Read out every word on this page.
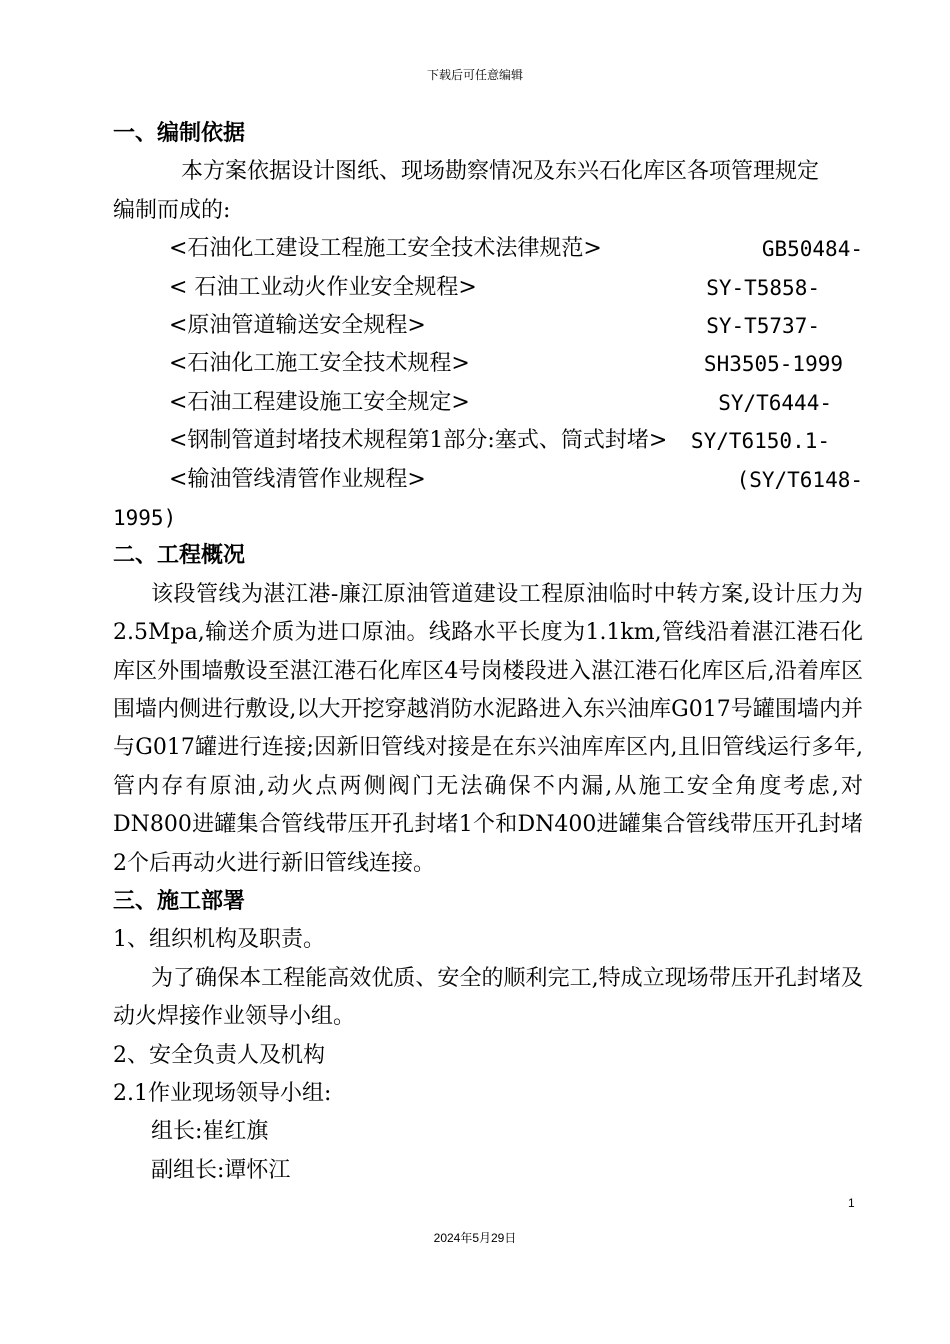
下载后可任意编辑
一、编制依据
本方案依据设计图纸、现场勘察情况及东兴石化库区各项管理规定
编制而成的:
<石油化工建设工程施工安全技术法律规范>	GB50484-
< 石油工业动火作业安全规程>	SY-T5858-
<原油管道输送安全规程>	SY-T5737-
<石油化工施工安全技术规程>	SH3505-1999
<石油工程建设施工安全规定>	SY/T6444-
<钢制管道封堵技术规程第1部分:塞式、筒式封堵> SY/T6150.1-
<输油管线清管作业规程>	(SY/T6148-
1995)
二、工程概况

该段管线为湛江港-廉江原油管道建设工程原油临时中转方案,设计压力为2.5Mpa,输送介质为进口原油。线路水平长度为1.1km,管线沿着湛江港石化库区外围墙敷设至湛江港石化库区4号岗楼段进入湛江港石化库区后,沿着库区围墙内侧进行敷设,以大开挖穿越消防水泥路进入东兴油库G017号罐围墙内并与G017罐进行连接;因新旧管线对接是在东兴油库库区内,且旧管线运行多年,管内存有原油,动火点两侧阀门无法确保不内漏,从施工安全角度考虑,对DN800进罐集合管线带压开孔封堵1个和DN400进罐集合管线带压开孔封堵2个后再动火进行新旧管线连接。

三、施工部署
1、组织机构及职责。

为了确保本工程能高效优质、安全的顺利完工,特成立现场带压开孔封堵及动火焊接作业领导小组。

2、安全负责人及机构
2.1作业现场领导小组:
组长:崔红旗
副组长:谭怀江
1
2024年5月29日
